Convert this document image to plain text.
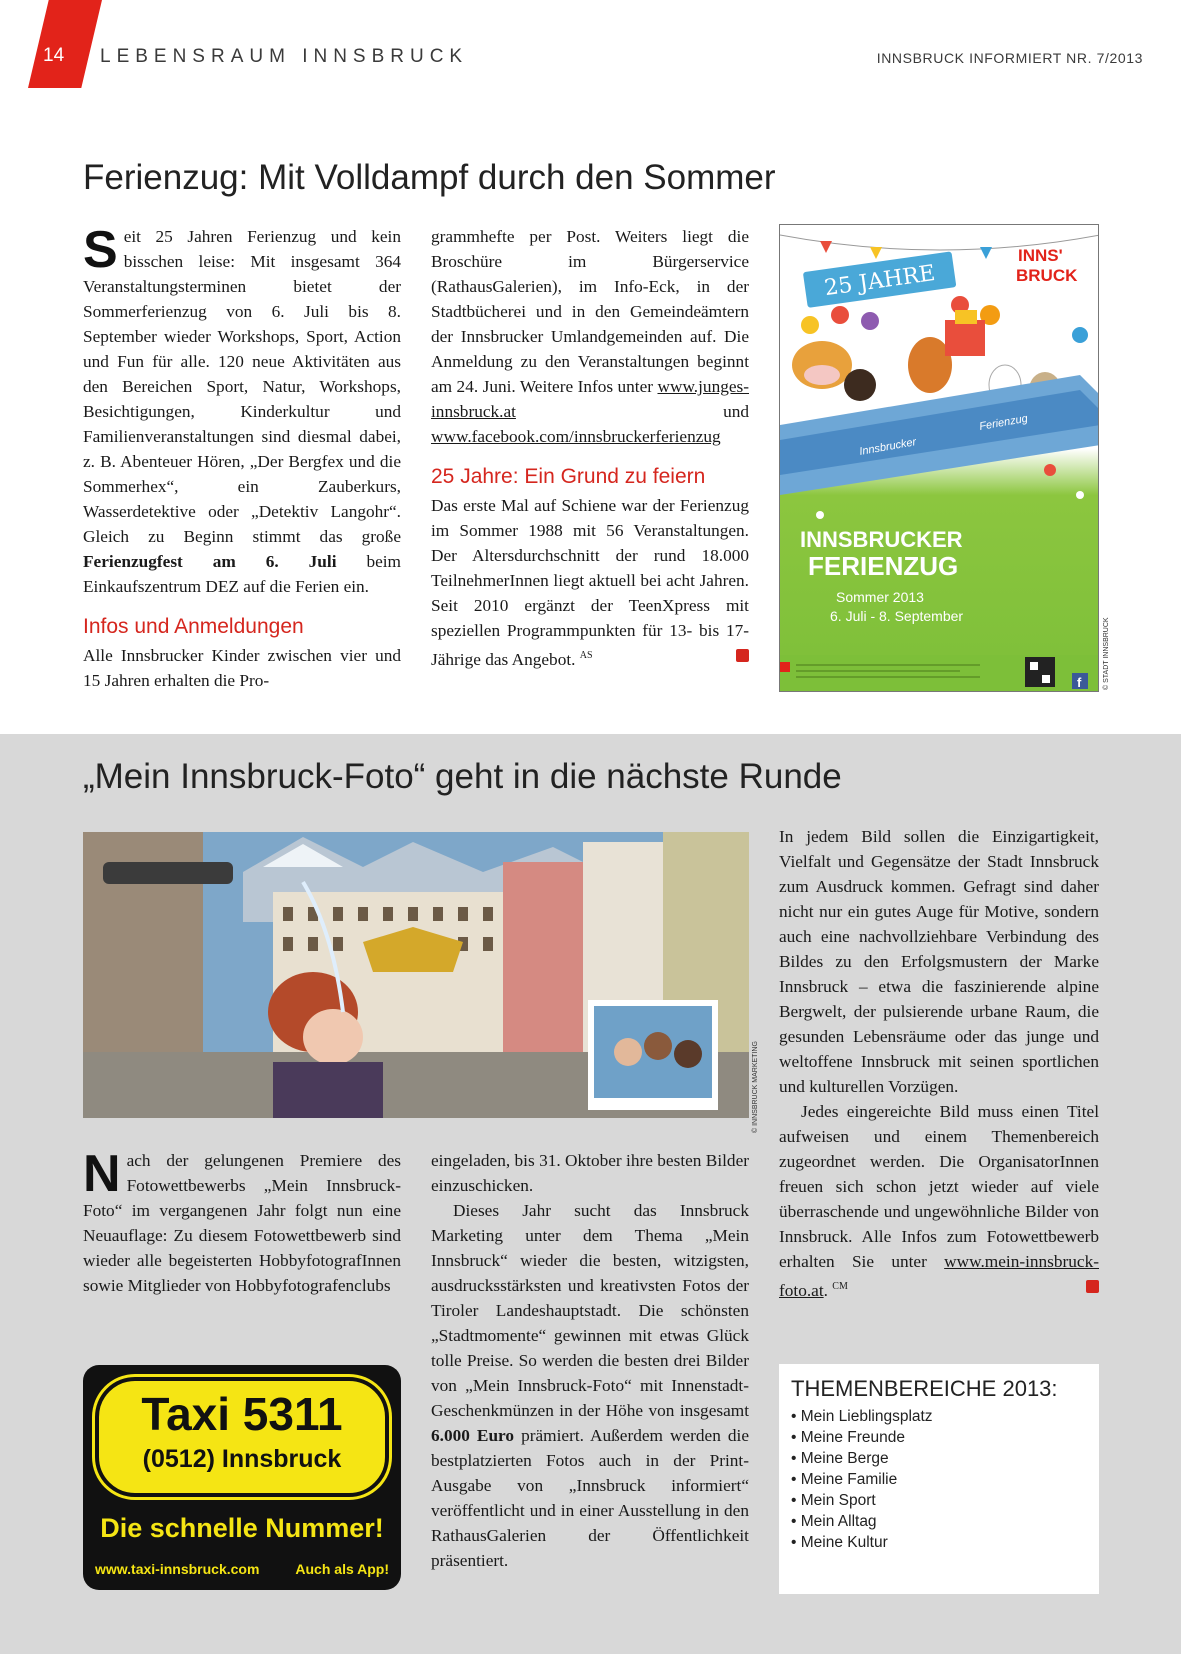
14 LEBENSRAUM INNSBRUCK	INNSBRUCK INFORMIERT NR. 7/2013
Ferienzug: Mit Volldampf durch den Sommer

Seit 25 Jahren Ferienzug und kein bisschen leise: Mit insgesamt 364 Veranstaltungsterminen bietet der Sommerferienzug von 6. Juli bis 8. September wieder Workshops, Sport, Action und Fun für alle. 120 neue Aktivitäten aus den Bereichen Sport, Natur, Workshops, Besichtigungen, Kinderkultur und Familienveranstaltungen sind diesmal dabei, z. B. Abenteuer Hören, „Der Bergfex und die Sommerhex“, ein Zauberkurs, Wasserdetektive oder „Detektiv Langohr“. Gleich zu Beginn stimmt das große Ferienzugfest am 6. Juli beim Einkaufszentrum DEZ auf die Ferien ein.

Infos und Anmeldungen

Alle Innsbrucker Kinder zwischen vier und 15 Jahren erhalten die Pro-

grammhefte per Post. Weiters liegt die Broschüre im Bürgerservice (RathausGalerien), im Info-Eck, in der Stadtbücherei und in den Gemeindeämtern der Innsbrucker Umlandgemeinden auf. Die Anmeldung zu den Veranstaltungen beginnt am 24. Juni. Weitere Infos unter www.junges-innsbruck.at und www.facebook.com/innsbruckerferienzug

25 Jahre: Ein Grund zu feiern

Das erste Mal auf Schiene war der Ferienzug im Sommer 1988 mit 56 Veranstaltungen. Der Altersdurchschnitt der rund 18.000 TeilnehmerInnen liegt aktuell bei acht Jahren. Seit 2010 ergänzt der TeenXpress mit speziellen Programmpunkten für 13- bis 17-Jährige das Angebot. $^{AS}$

25 JAHRE
INNS'
BRUCK
Innsbrucker
Ferienzug
INNSBRUCKER
FERIENZUG
Sommer 2013
6. Juli - 8. September
f	© STADT INNSBRUCK
„Mein Innsbruck-Foto“ geht in die nächste Runde
© INNSBRUCK MARKETING

Nach der gelungenen Premiere des Fotowettbewerbs „Mein Innsbruck-Foto“ im vergangenen Jahr folgt nun eine Neuauflage: Zu diesem Fotowettbewerb sind wieder alle begeisterten HobbyfotografInnen sowie Mitglieder von Hobbyfotografenclubs

eingeladen, bis 31. Oktober ihre besten Bilder einzuschicken.

Dieses Jahr sucht das Innsbruck Marketing unter dem Thema „Mein Innsbruck“ wieder die besten, witzigsten, ausdrucksstärksten und kreativsten Fotos der Tiroler Landeshauptstadt. Die schönsten „Stadtmomente“ gewinnen mit etwas Glück tolle Preise. So werden die besten drei Bilder von „Mein Innsbruck-Foto“ mit Innenstadt-Geschenkmünzen in der Höhe von insgesamt 6.000 Euro prämiert. Außerdem werden die bestplatzierten Fotos auch in der Print-Ausgabe von „Innsbruck informiert“ veröffentlicht und in einer Ausstellung in den RathausGalerien der Öffentlichkeit präsentiert.

In jedem Bild sollen die Einzigartigkeit, Vielfalt und Gegensätze der Stadt Innsbruck zum Ausdruck kommen. Gefragt sind daher nicht nur ein gutes Auge für Motive, sondern auch eine nachvollziehbare Verbindung des Bildes zu den Erfolgsmustern der Marke Innsbruck – etwa die faszinierende alpine Bergwelt, der pulsierende urbane Raum, die gesunden Lebensräume oder das junge und weltoffene Innsbruck mit seinen sportlichen und kulturellen Vorzügen.

Jedes eingereichte Bild muss einen Titel aufweisen und einem Themenbereich zugeordnet werden. Die OrganisatorInnen freuen sich schon jetzt wieder auf viele überraschende und ungewöhnliche Bilder von Innsbruck. Alle Infos zum Fotowettbewerb erhalten Sie unter www.mein-innsbruck-foto.at. $^{CM}$

Taxi 5311
(0512) Innsbruck
Die schnelle Nummer!
www.taxi-innsbruck.com	Auch als App!
THEMENBEREICHE 2013:
• Mein Lieblingsplatz
• Meine Freunde
• Meine Berge
• Meine Familie
• Mein Sport
• Mein Alltag
• Meine Kultur
